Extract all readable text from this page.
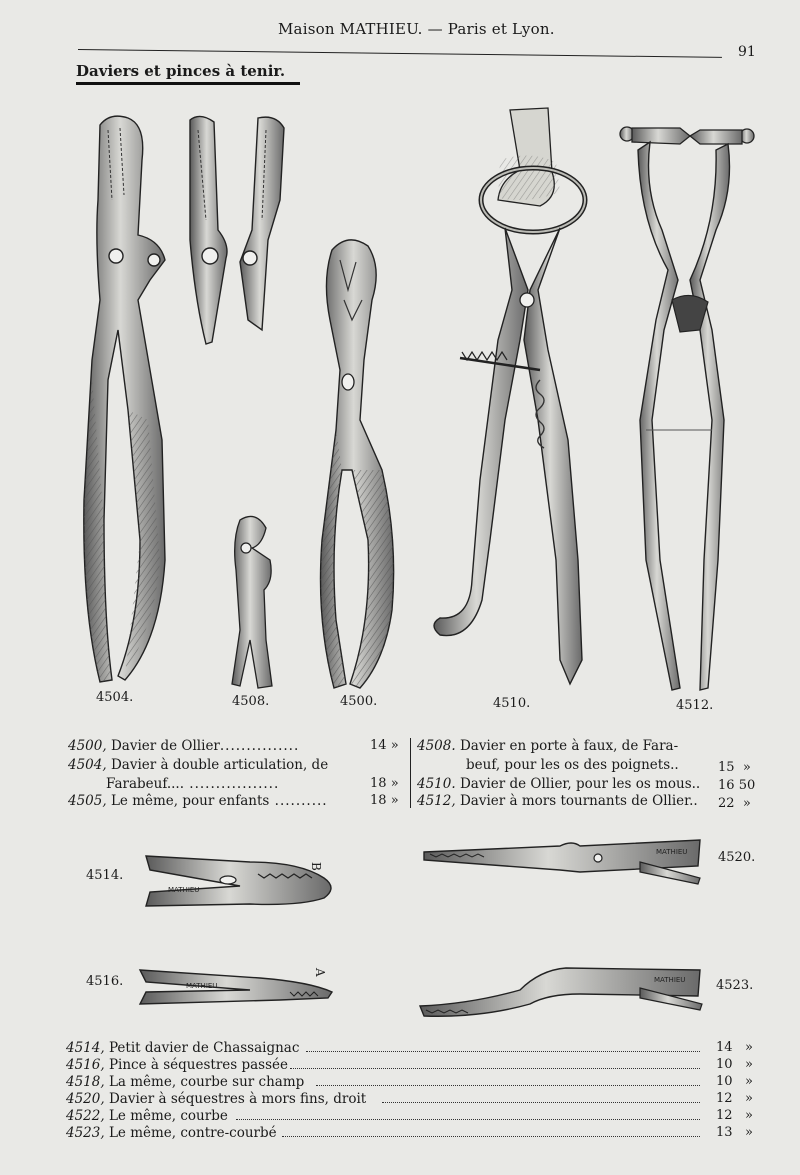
Maison MATHIEU. — Paris et Lyon.
91
Daviers et pinces à tenir.
MATHIEU
B
MATHIEU
A
MATHIEU
MATHIEU
4504.	4508.	4500.	4510.	4512.
4500, Davier de Ollier...............	14 »
4504, Davier à double articulation, de
Farabeuf.... .................	18 »
4505, Le même, pour enfants ..........	18 »
4508. Davier en porte à faux, de Fara-
beuf, pour les os des poignets..	15 »
4510. Davier de Ollier, pour les os mous.. 16 50
4512, Davier à mors tournants de Ollier.. 22 »
4514.
4516.
4520.
4523.
4514, Petit davier de Chassaignac	14 »
4516, Pince à séquestres passée	10 »
4518, La même, courbe sur champ	10 »
4520, Davier à séquestres à mors fins, droit	12 »
4522, Le même, courbe	12 »
4523, Le même, contre-courbé	13 »
